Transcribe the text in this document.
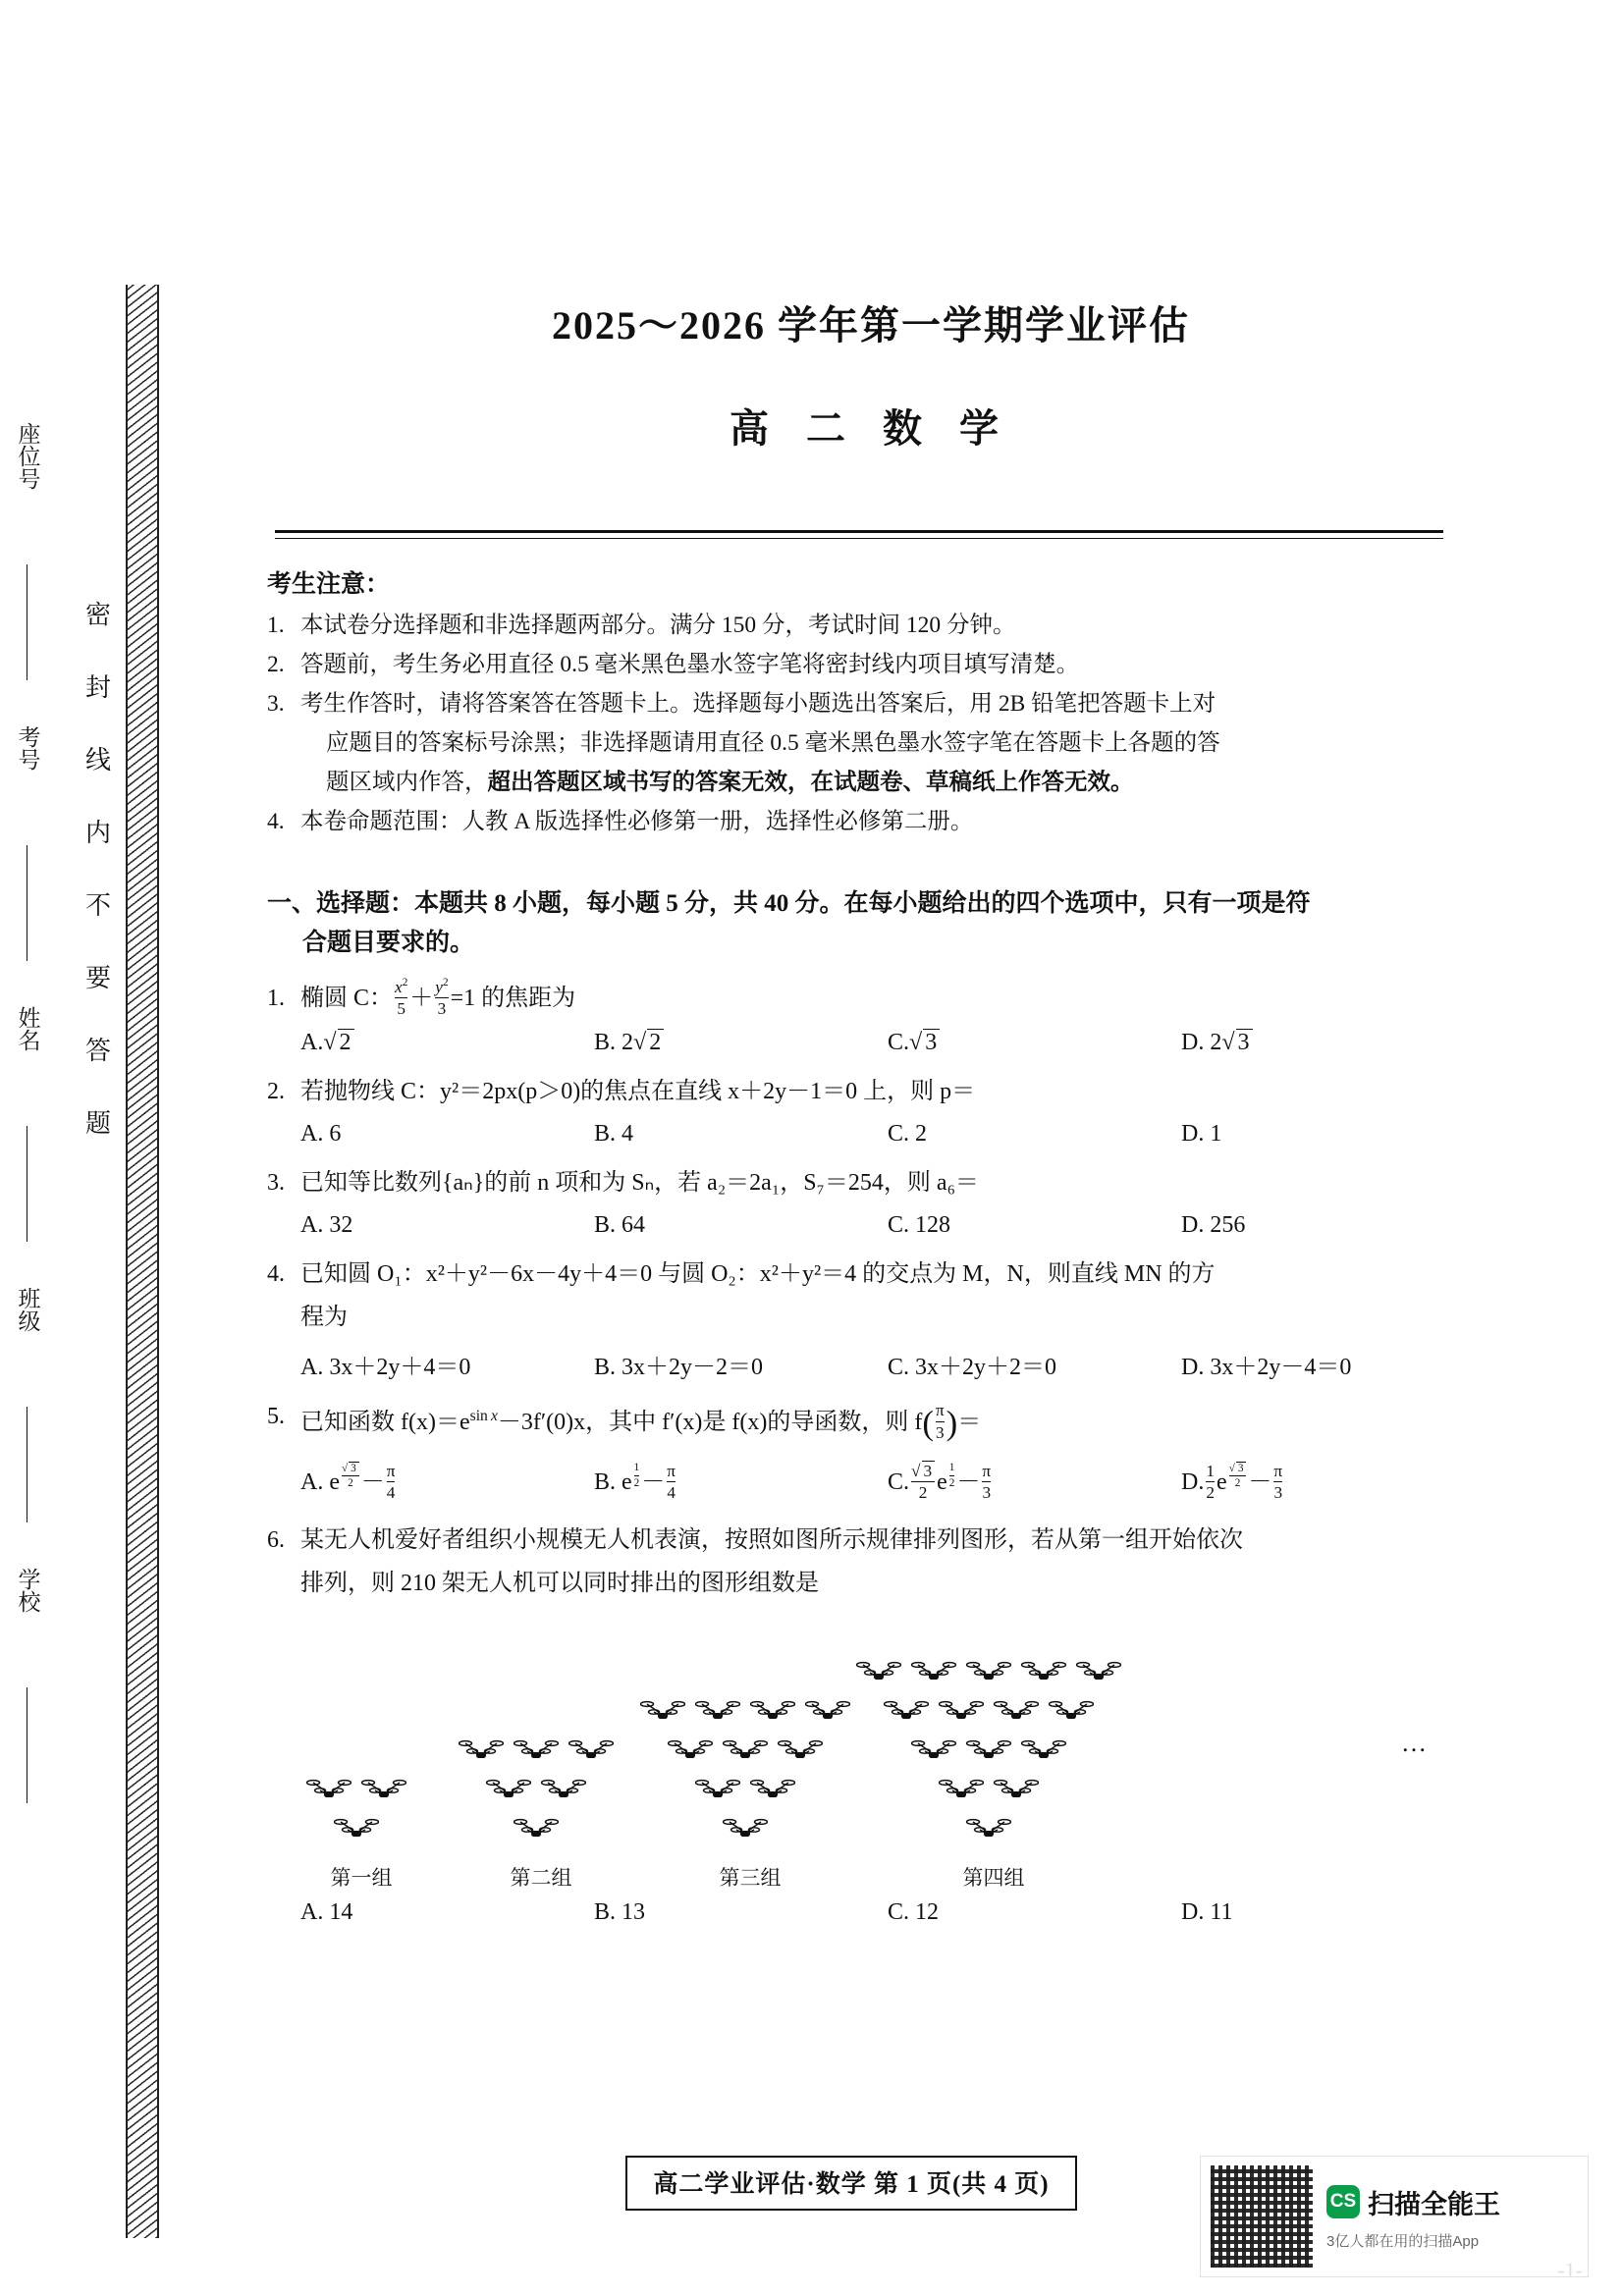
密
封
线
内
不
要
答
题
座位号
考号
姓名
班级
学校
2025～2026 学年第一学期学业评估
高 二 数 学
考生注意：
1. 本试卷分选择题和非选择题两部分。满分 150 分，考试时间 120 分钟。
2. 答题前，考生务必用直径 0.5 毫米黑色墨水签字笔将密封线内项目填写清楚。
3. 考生作答时，请将答案答在答题卡上。选择题每小题选出答案后，用 2B 铅笔把答题卡上对
应题目的答案标号涂黑；非选择题请用直径 0.5 毫米黑色墨水签字笔在答题卡上各题的答
题区域内作答，超出答题区域书写的答案无效，在试题卷、草稿纸上作答无效。
4. 本卷命题范围：人教 A 版选择性必修第一册，选择性必修第二册。
一、选择题：本题共 8 小题，每小题 5 分，共 40 分。在每小题给出的四个选项中，只有一项是符
合题目要求的。
1. 椭圆 C： $\frac{x^2}{5} + \frac{y^2}{3} =1$ 的焦距为
A.√ 2	B. 2√ 2	C.√ 3	D. 2√ 3
2. 若抛物线 C：y²＝2px(p＞0)的焦点在直线 x＋2y－1＝0 上，则 p＝
A. 6	B. 4	C. 2	D. 1
3. 已知等比数列{aₙ}的前 n 项和为 Sₙ，若 a₂＝2a₁，S₇＝254，则 a₆＝
A. 32	B. 64	C. 128	D. 256
4. 已知圆 O₁：x²＋y²－6x－4y＋4＝0 与圆 O₂：x²＋y²＝4 的交点为 M，N，则直线 MN 的方
程为
A. 3x＋2y＋4＝0	B. 3x＋2y－2＝0	C. 3x＋2y＋2＝0	D. 3x＋2y－4＝0
5. 已知函数 $f(x)=e^{sin x}-3f'(0)x$，其中 f′(x)是 f(x)的导函数，则 $f( \frac{\pi}{3}$ )＝
A. e $^{\frac{√ 3}{2}} - \frac{\pi}{4}$	B. e $^{\frac{1}{2}} - \frac{\pi}{4}$	C. $\frac{√ 3}{2}$ e $^{\frac{1}{2}} - \frac{\pi}{3}$	D. $\frac{1}{2}$ e $^{\frac{√ 3}{2}} - \frac{\pi}{3}$
6. 某无人机爱好者组织小规模无人机表演，按照如图所示规律排列图形，若从第一组开始依次
排列，则 210 架无人机可以同时排出的图形组数是
…
第一组	第二组	第三组	第四组
A. 14	B. 13	C. 12	D. 11
高二学业评估·数学 第 1 页(共 4 页)
CS 扫描全能王
3亿人都在用的扫描App
